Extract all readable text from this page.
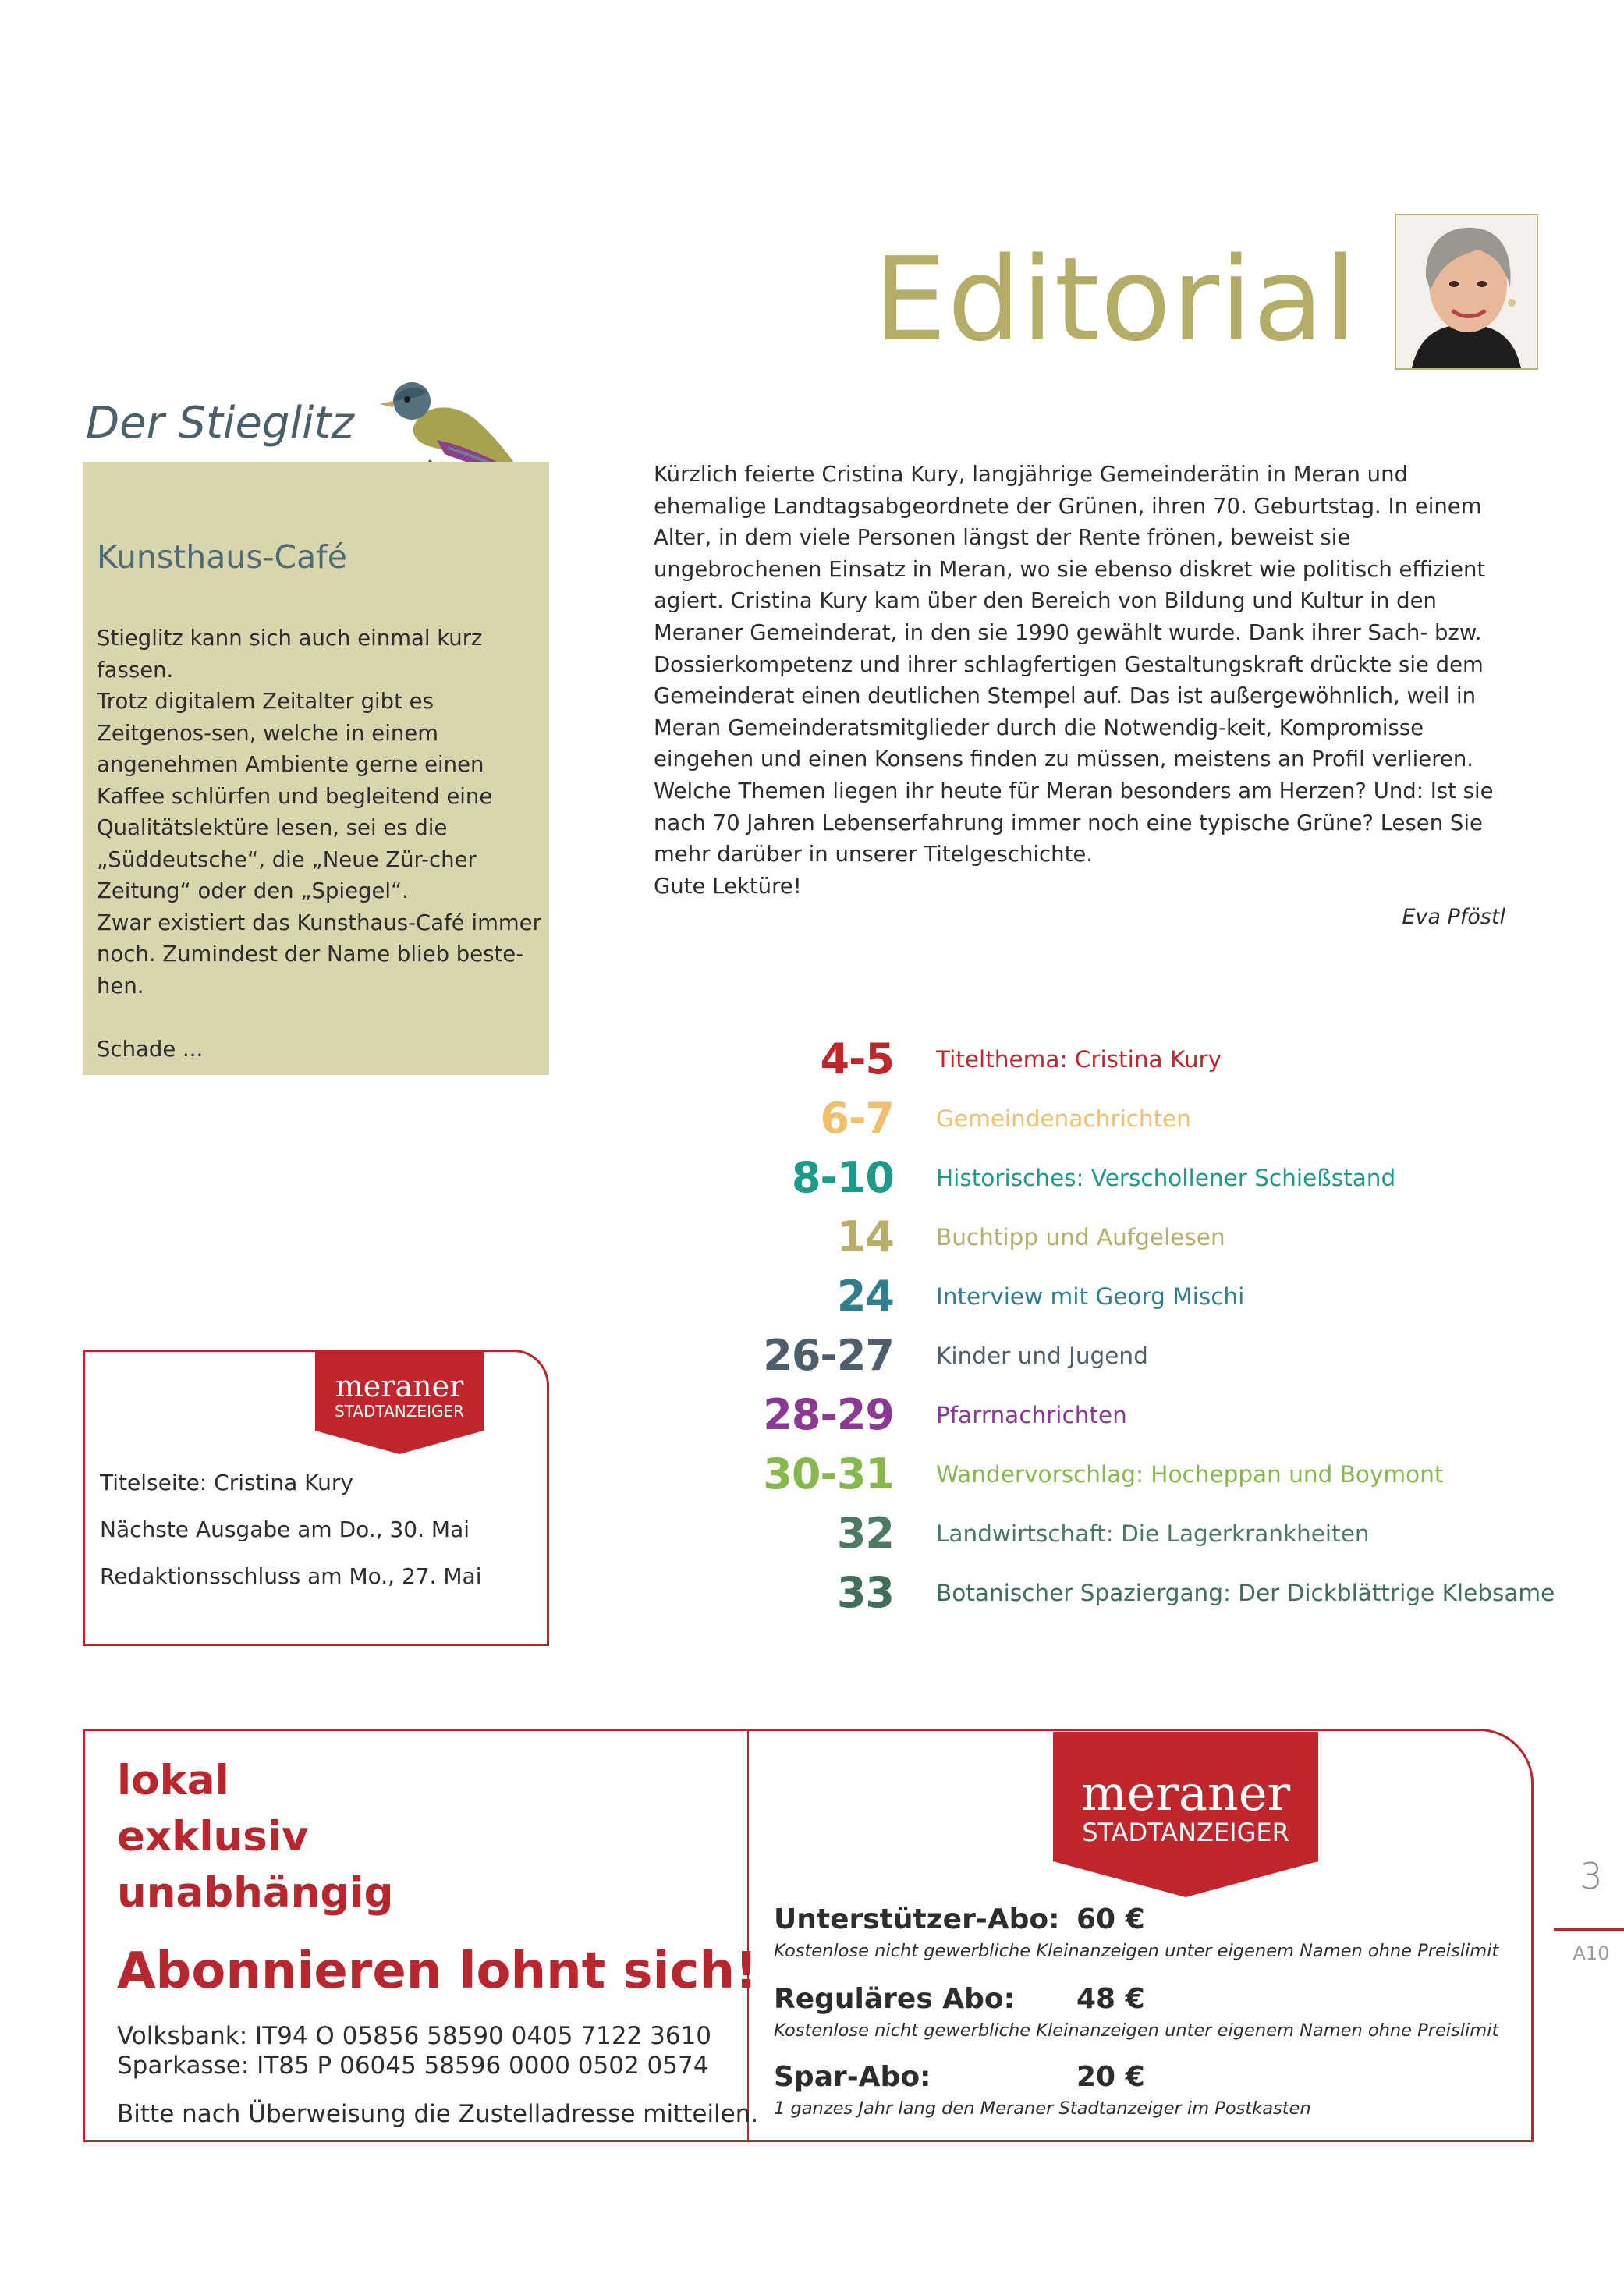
Editorial
Der Stieglitz
Kunsthaus-Café

Stieglitz kann sich auch einmal kurz fassen.

Trotz digitalem Zeitalter gibt es Zeitgenos-sen, welche in einem angenehmen Ambiente gerne einen Kaffee schlürfen und begleitend eine Qualitätslektüre lesen, sei es die „Süddeutsche“, die „Neue Zür-cher Zeitung“ oder den „Spiegel“.

Zwar existiert das Kunsthaus-Café immer noch. Zumindest der Name blieb beste-hen.

Schade ...

Kürzlich feierte Cristina Kury, langjährige Gemeinderätin in Meran und ehemalige Landtagsabgeordnete der Grünen, ihren 70. Geburtstag. In einem Alter, in dem viele Personen längst der Rente frönen, beweist sie ungebrochenen Einsatz in Meran, wo sie ebenso diskret wie politisch effizient agiert. Cristina Kury kam über den Bereich von Bildung und Kultur in den Meraner Gemeinderat, in den sie 1990 gewählt wurde. Dank ihrer Sach- bzw. Dossierkompetenz und ihrer schlagfertigen Gestaltungskraft drückte sie dem Gemeinderat einen deutlichen Stempel auf. Das ist außergewöhnlich, weil in Meran Gemeinderatsmitglieder durch die Notwendig-keit, Kompromisse eingehen und einen Konsens finden zu müssen, meistens an Profil verlieren.

Welche Themen liegen ihr heute für Meran besonders am Herzen? Und: Ist sie nach 70 Jahren Lebenserfahrung immer noch eine typische Grüne? Lesen Sie mehr darüber in unserer Titelgeschichte.

Gute Lektüre!

Eva Pföstl
4-5 Titelthema: Cristina Kury
6-7 Gemeindenachrichten
8-10 Historisches: Verschollener Schießstand
14 Buchtipp und Aufgelesen
24 Interview mit Georg Mischi
26-27 Kinder und Jugend
28-29 Pfarrnachrichten
30-31 Wandervorschlag: Hocheppan und Boymont
32 Landwirtschaft: Die Lagerkrankheiten
33 Botanischer Spaziergang: Der Dickblättrige Klebsame
meraner
STADTANZEIGER
Titelseite: Cristina Kury
Nächste Ausgabe am Do., 30. Mai
Redaktionsschluss am Mo., 27. Mai
lokal
exklusiv
unabhängig
Abonnieren lohnt sich!
Volksbank: IT94 O 05856 58590 0405 7122 3610
Sparkasse: IT85 P 06045 58596 0000 0502 0574
Bitte nach Überweisung die Zustelladresse mitteilen.
meraner
STADTANZEIGER
Unterstützer-Abo: 60 €
Kostenlose nicht gewerbliche Kleinanzeigen unter eigenem Namen ohne Preislimit
Reguläres Abo: 48 €
Kostenlose nicht gewerbliche Kleinanzeigen unter eigenem Namen ohne Preislimit
Spar-Abo:	20 €
1 ganzes Jahr lang den Meraner Stadtanzeiger im Postkasten
3
A10
